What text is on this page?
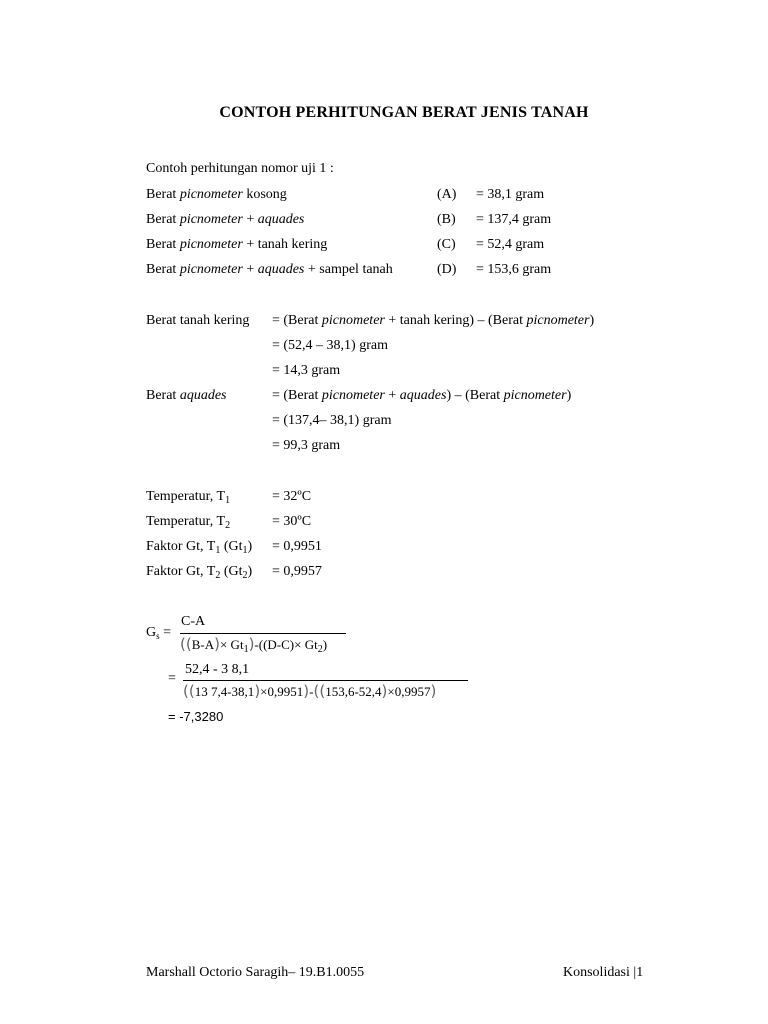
CONTOH PERHITUNGAN BERAT JENIS TANAH
Contoh perhitungan nomor uji 1 :
Berat picnometer kosong	(A) = 38,1 gram
Berat picnometer + aquades	(B) = 137,4 gram
Berat picnometer + tanah kering	(C) = 52,4 gram
Berat picnometer + aquades + sampel tanah	(D) = 153,6 gram
Berat tanah kering = (Berat picnometer + tanah kering) – (Berat picnometer)
= (52,4 – 38,1) gram
= 14,3 gram
Berat aquades	= (Berat picnometer + aquades) – (Berat picnometer)
= (137,4– 38,1) gram
= 99,3 gram
Temperatur, $T_1$	= 32ºC
Temperatur, $T_2$	= 30ºC
Faktor Gt, $T_1$ $(Gt_1) = 0,9951$
Faktor Gt, $T_2$ $(Gt_2) = 0,9957$
$G_s$ =
C-A
$((B-A)\times Gt_1)-((D-C)\times Gt_2)$
=
52,4 - 3 8,1
((13 7,4-38,1)×0,9951)-((153,6-52,4)×0,9957)
= -7,3280
Marshall Octorio Saragih– 19.B1.0055	Konsolidasi |1
